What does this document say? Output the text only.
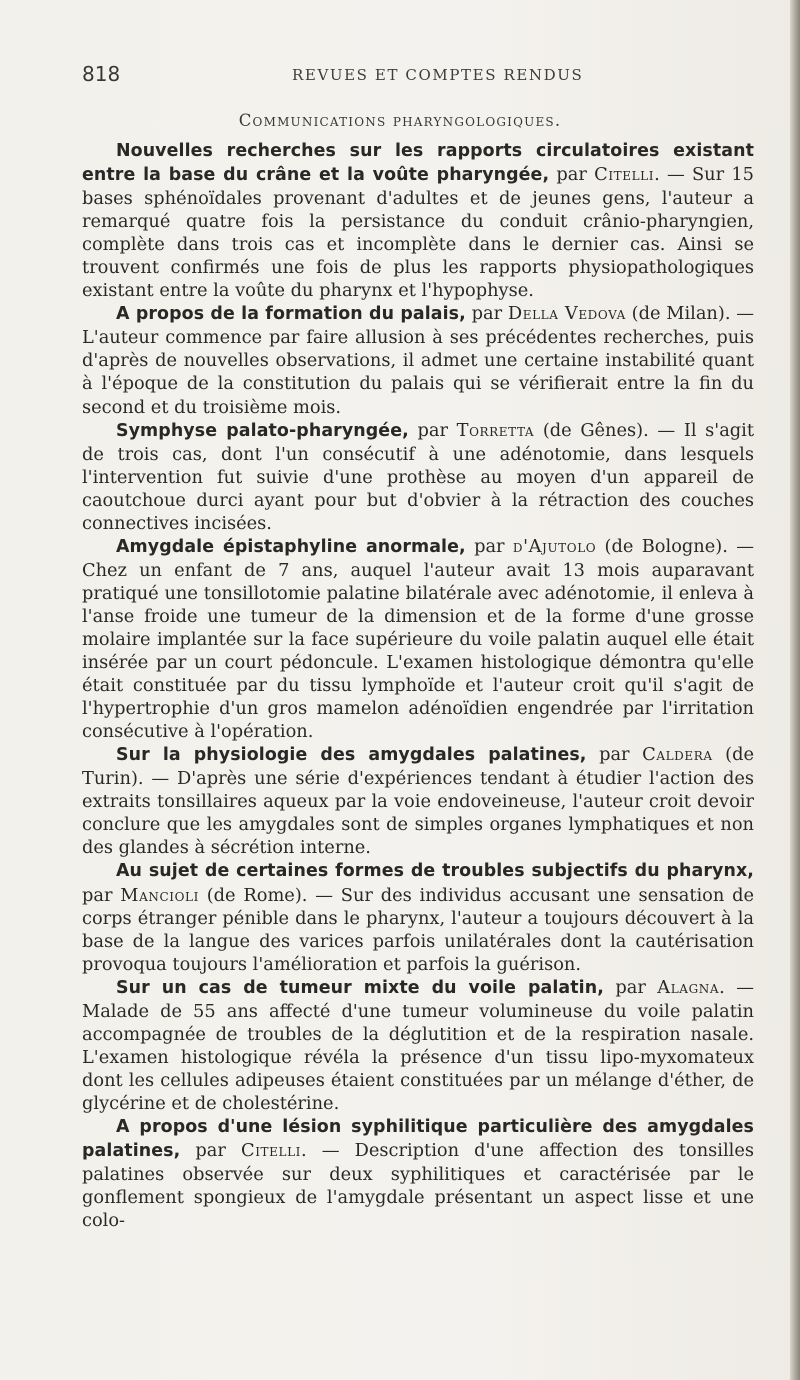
818	REVUES ET COMPTES RENDUS
Communications pharyngologiques.

Nouvelles recherches sur les rapports circulatoires existant entre la base du crâne et la voûte pharyngée, par Citelli. — Sur 15 bases sphénoïdales provenant d'adultes et de jeunes gens, l'auteur a remarqué quatre fois la persistance du conduit crânio-pharyngien, complète dans trois cas et incomplète dans le dernier cas. Ainsi se trouvent confirmés une fois de plus les rapports physiopathologiques existant entre la voûte du pharynx et l'hypophyse.

A propos de la formation du palais, par Della Vedova (de Milan). — L'auteur commence par faire allusion à ses précédentes recherches, puis d'après de nouvelles observations, il admet une certaine instabilité quant à l'époque de la constitution du palais qui se vérifierait entre la fin du second et du troisième mois.

Symphyse palato-pharyngée, par Torretta (de Gênes). — Il s'agit de trois cas, dont l'un consécutif à une adénotomie, dans lesquels l'intervention fut suivie d'une prothèse au moyen d'un appareil de caoutchoue durci ayant pour but d'obvier à la rétraction des couches connectives incisées.

Amygdale épistaphyline anormale, par d'Ajutolo (de Bologne). — Chez un enfant de 7 ans, auquel l'auteur avait 13 mois auparavant pratiqué une tonsillotomie palatine bilatérale avec adénotomie, il enleva à l'anse froide une tumeur de la dimension et de la forme d'une grosse molaire implantée sur la face supérieure du voile palatin auquel elle était insérée par un court pédoncule. L'examen histologique démontra qu'elle était constituée par du tissu lymphoïde et l'auteur croit qu'il s'agit de l'hypertrophie d'un gros mamelon adénoïdien engendrée par l'irritation consécutive à l'opération.

Sur la physiologie des amygdales palatines, par Caldera (de Turin). — D'après une série d'expériences tendant à étudier l'action des extraits tonsillaires aqueux par la voie endoveineuse, l'auteur croit devoir conclure que les amygdales sont de simples organes lymphatiques et non des glandes à sécrétion interne.

Au sujet de certaines formes de troubles subjectifs du pharynx, par Mancioli (de Rome). — Sur des individus accusant une sensation de corps étranger pénible dans le pharynx, l'auteur a toujours découvert à la base de la langue des varices parfois unilatérales dont la cautérisation provoqua toujours l'amélioration et parfois la guérison.

Sur un cas de tumeur mixte du voile palatin, par Alagna. — Malade de 55 ans affecté d'une tumeur volumineuse du voile palatin accompagnée de troubles de la déglutition et de la respiration nasale. L'examen histologique révéla la présence d'un tissu lipo-myxomateux dont les cellules adipeuses étaient constituées par un mélange d'éther, de glycérine et de cholestérine.

A propos d'une lésion syphilitique particulière des amygdales palatines, par Citelli. — Description d'une affection des tonsilles palatines observée sur deux syphilitiques et caractérisée par le gonflement spongieux de l'amygdale présentant un aspect lisse et une colo-
